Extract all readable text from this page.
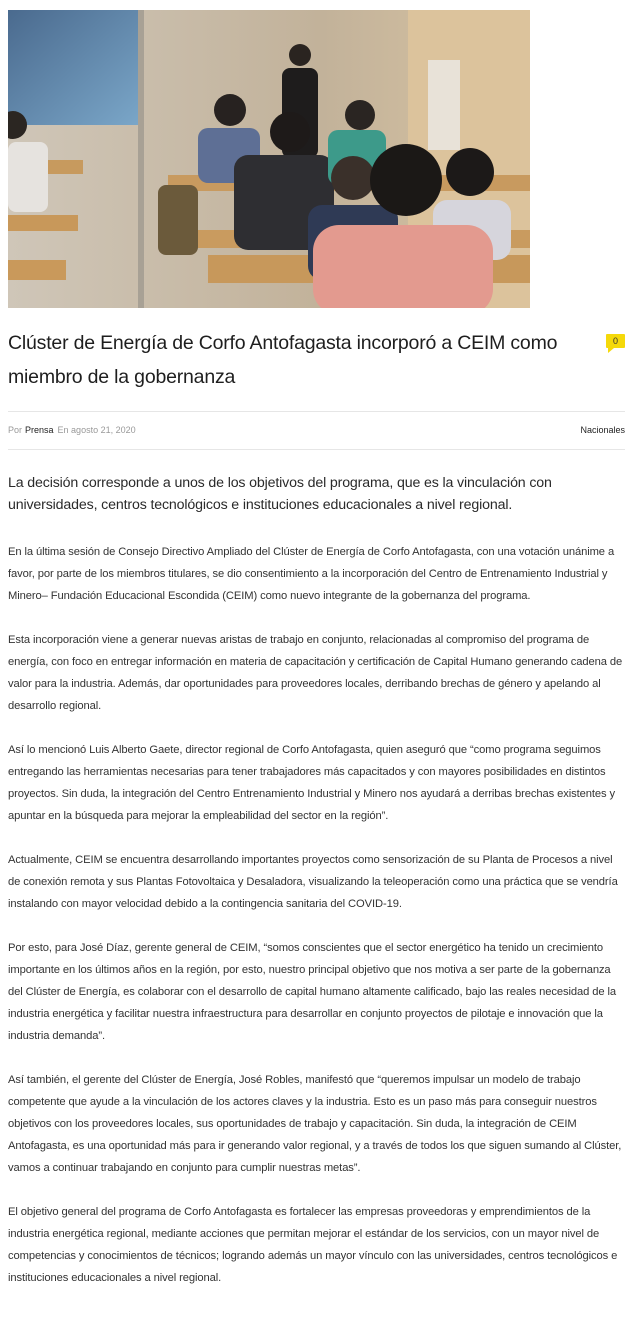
Clúster de Energía de Corfo Antofagasta incorporó a CEIM como miembro de la gobernanza
0
Por Prensa En agosto 21, 2020	Nacionales

La decisión corresponde a unos de los objetivos del programa, que es la vinculación con universidades, centros tecnológicos e instituciones educacionales a nivel regional.

En la última sesión de Consejo Directivo Ampliado del Clúster de Energía de Corfo Antofagasta, con una votación unánime a favor, por parte de los miembros titulares, se dio consentimiento a la incorporación del Centro de Entrenamiento Industrial y Minero– Fundación Educacional Escondida (CEIM) como nuevo integrante de la gobernanza del programa.

Esta incorporación viene a generar nuevas aristas de trabajo en conjunto, relacionadas al compromiso del programa de energía, con foco en entregar información en materia de capacitación y certificación de Capital Humano generando cadena de valor para la industria. Además, dar oportunidades para proveedores locales, derribando brechas de género y apelando al desarrollo regional.

Así lo mencionó Luis Alberto Gaete, director regional de Corfo Antofagasta, quien aseguró que “como programa seguimos entregando las herramientas necesarias para tener trabajadores más capacitados y con mayores posibilidades en distintos proyectos. Sin duda, la integración del Centro Entrenamiento Industrial y Minero nos ayudará a derribas brechas existentes y apuntar en la búsqueda para mejorar la empleabilidad del sector en la región”.

Actualmente, CEIM se encuentra desarrollando importantes proyectos como sensorización de su Planta de Procesos a nivel de conexión remota y sus Plantas Fotovoltaica y Desaladora, visualizando la teleoperación como una práctica que se vendría instalando con mayor velocidad debido a la contingencia sanitaria del COVID-19.

Por esto, para José Díaz, gerente general de CEIM, “somos conscientes que el sector energético ha tenido un crecimiento importante en los últimos años en la región, por esto, nuestro principal objetivo que nos motiva a ser parte de la gobernanza del Clúster de Energía, es colaborar con el desarrollo de capital humano altamente calificado, bajo las reales necesidad de la industria energética y facilitar nuestra infraestructura para desarrollar en conjunto proyectos de pilotaje e innovación que la industria demanda”.

Así también, el gerente del Clúster de Energía, José Robles, manifestó que “queremos impulsar un modelo de trabajo competente que ayude a la vinculación de los actores claves y la industria. Esto es un paso más para conseguir nuestros objetivos con los proveedores locales, sus oportunidades de trabajo y capacitación. Sin duda, la integración de CEIM Antofagasta, es una oportunidad más para ir generando valor regional, y a través de todos los que siguen sumando al Clúster, vamos a continuar trabajando en conjunto para cumplir nuestras metas”.

El objetivo general del programa de Corfo Antofagasta es fortalecer las empresas proveedoras y emprendimientos de la industria energética regional, mediante acciones que permitan mejorar el estándar de los servicios, con un mayor nivel de competencias y conocimientos de técnicos; logrando además un mayor vínculo con las universidades, centros tecnológicos e instituciones educacionales a nivel regional.
